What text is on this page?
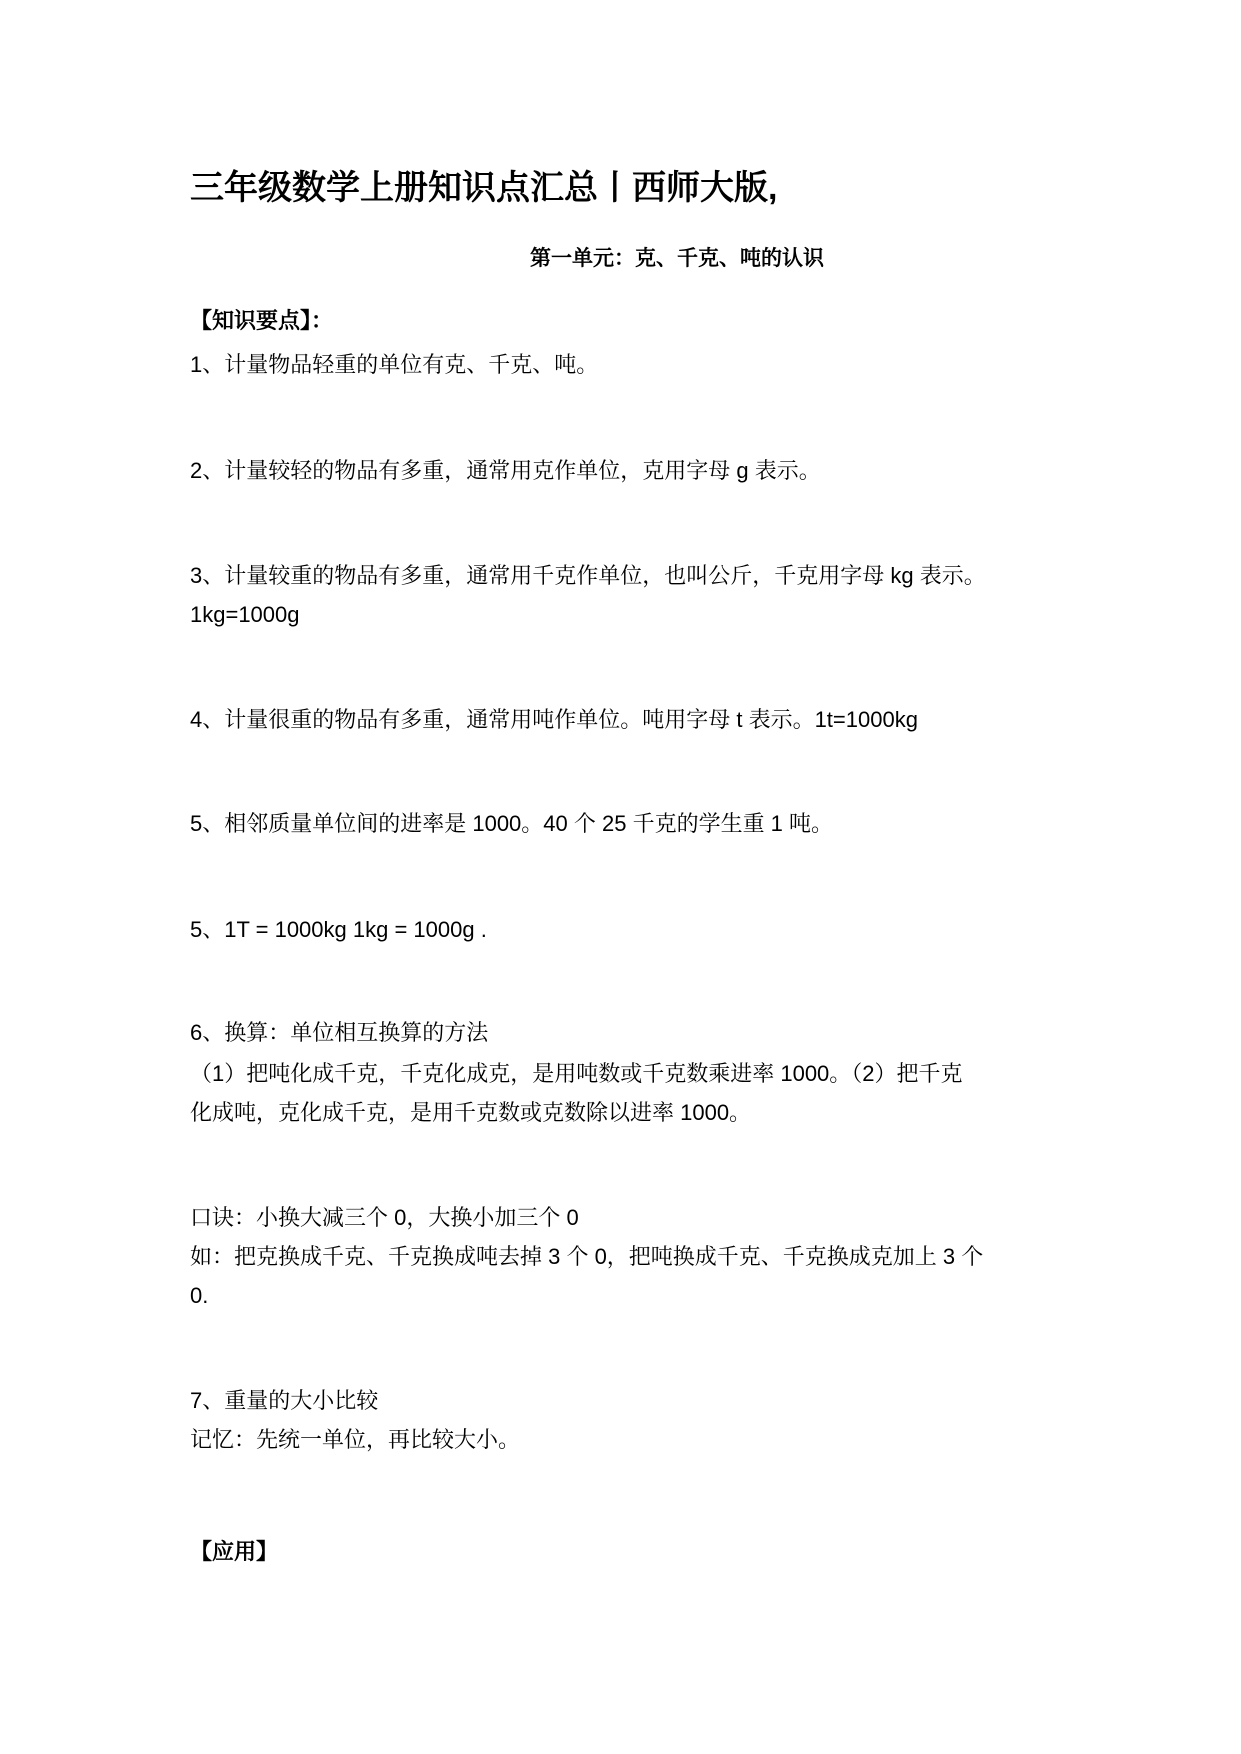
三年级数学上册知识点汇总丨西师大版,
第一单元：克、千克、吨的认识
【知识要点】：
1、计量物品轻重的单位有克、千克、吨。
2、计量较轻的物品有多重，通常用克作单位，克用字母 g 表示。
3、计量较重的物品有多重，通常用千克作单位，也叫公斤，千克用字母 kg 表示。
1kg=1000g
4、计量很重的物品有多重，通常用吨作单位。吨用字母 t 表示。1t=1000kg
5、相邻质量单位间的进率是 1000。40 个 25 千克的学生重 1 吨。
5、1T = 1000kg 1kg = 1000g .
6、换算：单位相互换算的方法
（1）把吨化成千克，千克化成克，是用吨数或千克数乘进率 1000。（2）把千克
化成吨，克化成千克，是用千克数或克数除以进率 1000。
口诀：小换大减三个 0，大换小加三个 0
如：把克换成千克、千克换成吨去掉 3 个 0，把吨换成千克、千克换成克加上 3 个
0.
7、重量的大小比较
记忆：先统一单位，再比较大小。
【应用】
